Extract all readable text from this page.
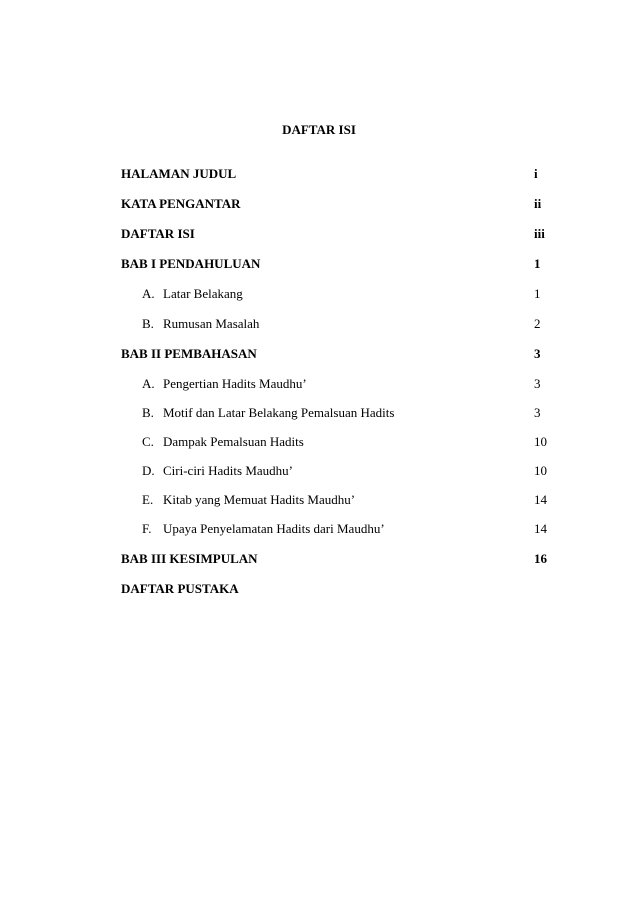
DAFTAR ISI
HALAMAN JUDUL	i
KATA PENGANTAR	ii
DAFTAR ISI	iii
BAB I PENDAHULUAN	1
A. Latar Belakang	1
B. Rumusan Masalah	2
BAB II PEMBAHASAN	3
A. Pengertian Hadits Maudhu’	3
B. Motif dan Latar Belakang Pemalsuan Hadits	3
C. Dampak Pemalsuan Hadits	10
D. Ciri-ciri Hadits Maudhu’	10
E. Kitab yang Memuat Hadits Maudhu’	14
F. Upaya Penyelamatan Hadits dari Maudhu’	14
BAB III KESIMPULAN	16
DAFTAR PUSTAKA
